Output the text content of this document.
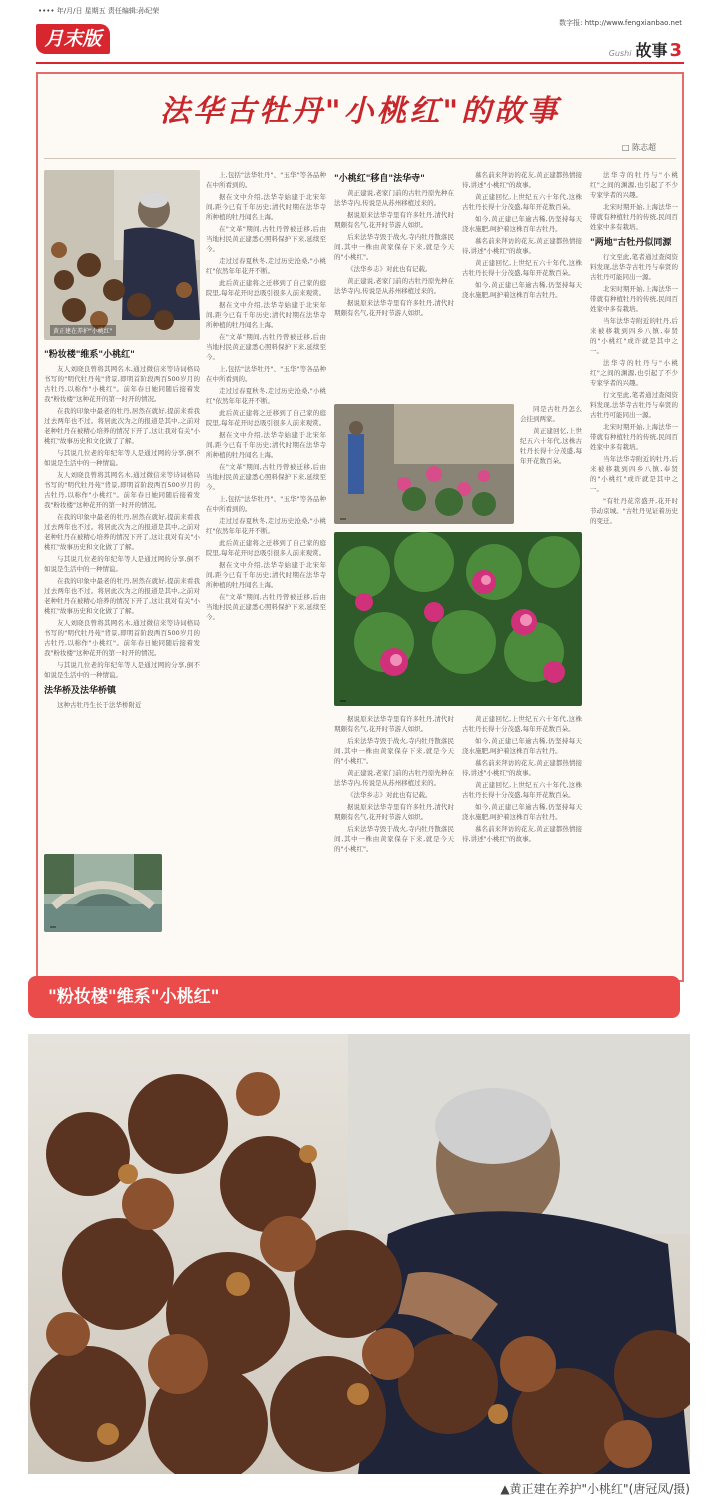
•••• 年/月/日 星期五 责任编辑:孙纪荣
月末版
数字报: http://www.fengxianbao.net
Gushi 故事 3
法华古牡丹"小桃红"的故事
□ 陈志超
黄正建在养护"小桃红"
"粉妆楼"维系"小桃红"

友人刘晓良曾将其网名木,通过微信来等诗词格局书写的"明代牡丹苑"背景,即明首阶段两百500岁月的古牡丹,以称作"小桃红"。前年春日她同随后接着发我"粉妆楼"这种花开的第一时开的情况。

在我的印象中最老的牡丹,居然在就好,提前来看我过去两年也不过。将居此次为之的报道是其中,之前对老种牡丹在被精心培养的情况下开了,这让我对有关"小桃红"故事历史和文化做了了解。

与其说几位老的年纪年等人是通过网的分享,倒不如说是生活中的一种情谊。

友人刘晓良曾将其网名木,通过微信来等诗词格局书写的"明代牡丹苑"背景,即明首阶段两百500岁月的古牡丹,以称作"小桃红"。前年春日她同随后接着发我"粉妆楼"这种花开的第一时开的情况。

在我的印象中最老的牡丹,居然在就好,提前来看我过去两年也不过。将居此次为之的报道是其中,之前对老种牡丹在被精心培养的情况下开了,这让我对有关"小桃红"故事历史和文化做了了解。

与其说几位老的年纪年等人是通过网的分享,倒不如说是生活中的一种情谊。

在我的印象中最老的牡丹,居然在就好,提前来看我过去两年也不过。将居此次为之的报道是其中,之前对老种牡丹在被精心培养的情况下开了,这让我对有关"小桃红"故事历史和文化做了了解。

友人刘晓良曾将其网名木,通过微信来等诗词格局书写的"明代牡丹苑"背景,即明首阶段两百500岁月的古牡丹,以称作"小桃红"。前年春日她同随后接着发我"粉妆楼"这种花开的第一时开的情况。

与其说几位老的年纪年等人是通过网的分享,倒不如说是生活中的一种情谊。

法华桥及法华桥镇

这种古牡丹生长于法华桥附近

上,包括"法华牡丹"、"玉华"等各品种在中所看到的。

据在文中介绍,法华寺始建于北宋年间,距今已有千年历史;清代时期在法华寺所种植的牡丹闻名上海。

在"文革"期间,古牡丹曾被迁移,后由当地村民黄正建悉心照料保护下来,延续至今。

走过过春夏秋冬,走过历史沧桑,"小桃红"依然年年花开不断。

此后黄正建将之迁移到了自己家的庭院里,每年花开时总吸引很多人前来观赏。

据在文中介绍,法华寺始建于北宋年间,距今已有千年历史;清代时期在法华寺所种植的牡丹闻名上海。

在"文革"期间,古牡丹曾被迁移,后由当地村民黄正建悉心照料保护下来,延续至今。

上,包括"法华牡丹"、"玉华"等各品种在中所看到的。

走过过春夏秋冬,走过历史沧桑,"小桃红"依然年年花开不断。

此后黄正建将之迁移到了自己家的庭院里,每年花开时总吸引很多人前来观赏。

据在文中介绍,法华寺始建于北宋年间,距今已有千年历史;清代时期在法华寺所种植的牡丹闻名上海。

在"文革"期间,古牡丹曾被迁移,后由当地村民黄正建悉心照料保护下来,延续至今。

上,包括"法华牡丹"、"玉华"等各品种在中所看到的。

走过过春夏秋冬,走过历史沧桑,"小桃红"依然年年花开不断。

此后黄正建将之迁移到了自己家的庭院里,每年花开时总吸引很多人前来观赏。

据在文中介绍,法华寺始建于北宋年间,距今已有千年历史;清代时期在法华寺所种植的牡丹闻名上海。

在"文革"期间,古牡丹曾被迁移,后由当地村民黄正建悉心照料保护下来,延续至今。

"小桃红"移自"法华寺"

黄正建说,老家门前的古牡丹原先种在法华寺内,传说是从苏州移植过来的。

据说原来法华寺里有许多牡丹,清代时期颇有名气,花开时节游人如织。

后来法华寺毁于战火,寺内牡丹散落民间,其中一株由黄家保存下来,就是今天的"小桃红"。

《法华乡志》对此也有记载。

黄正建说,老家门前的古牡丹原先种在法华寺内,传说是从苏州移植过来的。

据说原来法华寺里有许多牡丹,清代时期颇有名气,花开时节游人如织。

慕名前来拜访的花友,黄正建都热情接待,讲述"小桃红"的故事。

黄正建回忆,上世纪五六十年代,这株古牡丹长得十分茂盛,每年开花数百朵。

如今,黄正建已年逾古稀,仍坚持每天浇水施肥,呵护着这株百年古牡丹。

慕名前来拜访的花友,黄正建都热情接待,讲述"小桃红"的故事。

黄正建回忆,上世纪五六十年代,这株古牡丹长得十分茂盛,每年开花数百朵。

如今,黄正建已年逾古稀,仍坚持每天浇水施肥,呵护着这株百年古牡丹。

同是古牡丹怎么会挂到两家。

黄正建回忆,上世纪五六十年代,这株古牡丹长得十分茂盛,每年开花数百朵。

据说原来法华寺里有许多牡丹,清代时期颇有名气,花开时节游人如织。

后来法华寺毁于战火,寺内牡丹散落民间,其中一株由黄家保存下来,就是今天的"小桃红"。

黄正建说,老家门前的古牡丹原先种在法华寺内,传说是从苏州移植过来的。

《法华乡志》对此也有记载。

据说原来法华寺里有许多牡丹,清代时期颇有名气,花开时节游人如织。

后来法华寺毁于战火,寺内牡丹散落民间,其中一株由黄家保存下来,就是今天的"小桃红"。

黄正建回忆,上世纪五六十年代,这株古牡丹长得十分茂盛,每年开花数百朵。

如今,黄正建已年逾古稀,仍坚持每天浇水施肥,呵护着这株百年古牡丹。

慕名前来拜访的花友,黄正建都热情接待,讲述"小桃红"的故事。

黄正建回忆,上世纪五六十年代,这株古牡丹长得十分茂盛,每年开花数百朵。

如今,黄正建已年逾古稀,仍坚持每天浇水施肥,呵护着这株百年古牡丹。

慕名前来拜访的花友,黄正建都热情接待,讲述"小桃红"的故事。

法华寺的牡丹与"小桃红"之间的渊源,也引起了不少专家学者的兴趣。

北宋时期开始,上海法华一带就有种植牡丹的传统,民间百姓家中多有栽培。

"两地"古牡丹似同源

行文至此,笔者通过查阅资料发现,法华寺古牡丹与奉贤的古牡丹可能同出一源。

北宋时期开始,上海法华一带就有种植牡丹的传统,民间百姓家中多有栽培。

当年法华寺附近的牡丹,后来被移栽到四乡八镇,奉贤的"小桃红"或许就是其中之一。

法华寺的牡丹与"小桃红"之间的渊源,也引起了不少专家学者的兴趣。

行文至此,笔者通过查阅资料发现,法华寺古牡丹与奉贤的古牡丹可能同出一源。

北宋时期开始,上海法华一带就有种植牡丹的传统,民间百姓家中多有栽培。

当年法华寺附近的牡丹,后来被移栽到四乡八镇,奉贤的"小桃红"或许就是其中之一。

"有牡丹花常盛开,花开时节动京城。"古牡丹见证着历史的变迁。

"粉妆楼"维系"小桃红"
▲黄正建在养护"小桃红"(唐冠凤/摄)
